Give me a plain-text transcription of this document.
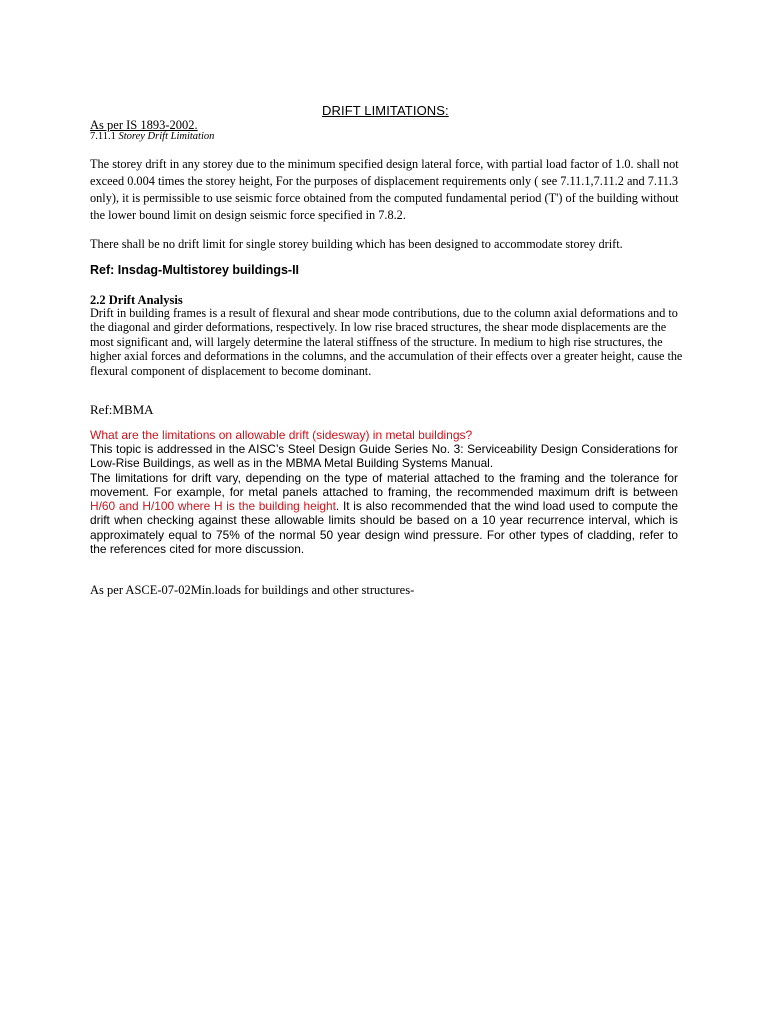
DRIFT LIMITATIONS:
As per IS 1893-2002.
7.11.1 Storey Drift Limitation
The storey drift in any storey due to the minimum specified design lateral force, with partial load factor of 1.0. shall not exceed 0.004 times the storey height, For the purposes of displacement requirements only ( see 7.11.1,7.11.2 and 7.11.3 only), it is permissible to use seismic force obtained from the computed fundamental period (T') of the building without the lower bound limit on design seismic force specified in 7.8.2.
There shall be no drift limit for single storey building which has been designed to accommodate storey drift.
Ref: Insdag-Multistorey buildings-II
2.2 Drift Analysis
Drift in building frames is a result of flexural and shear mode contributions, due to the column axial deformations and to the diagonal and girder deformations, respectively. In low rise braced structures, the shear mode displacements are the most significant and, will largely determine the lateral stiffness of the structure. In medium to high rise structures, the higher axial forces and deformations in the columns, and the accumulation of their effects over a greater height, cause the flexural component of displacement to become dominant.
Ref:MBMA
What are the limitations on allowable drift (sidesway) in metal buildings?
This topic is addressed in the AISC’s Steel Design Guide Series No. 3: Serviceability Design Considerations for Low-Rise Buildings, as well as in the MBMA Metal Building Systems Manual.
The limitations for drift vary, depending on the type of material attached to the framing and the tolerance for movement. For example, for metal panels attached to framing, the recommended maximum drift is between H/60 and H/100 where H is the building height. It is also recommended that the wind load used to compute the drift when checking against these allowable limits should be based on a 10 year recurrence interval, which is approximately equal to 75% of the normal 50 year design wind pressure. For other types of cladding, refer to the references cited for more discussion.
As per ASCE-07-02Min.loads for buildings and other structures-
